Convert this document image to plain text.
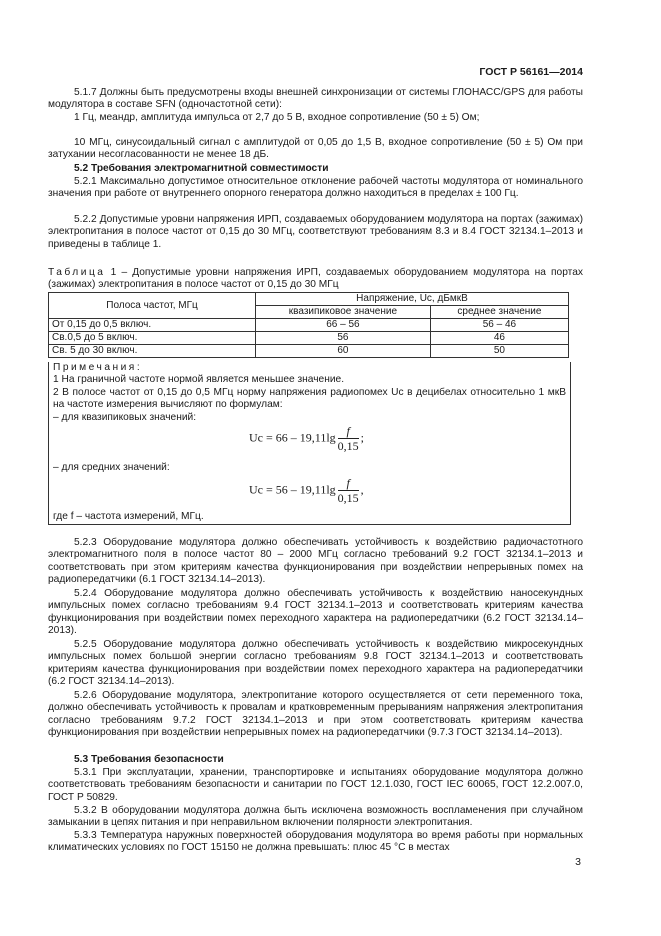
ГОСТ Р 56161—2014
5.1.7 Должны быть предусмотрены входы внешней синхронизации от системы ГЛОНАСС/GPS для работы модулятора в составе SFN (одночастотной сети):
1 Гц, меандр, амплитуда импульса от 2,7 до 5 В, входное сопротивление (50 ± 5) Ом;
10 МГц, синусоидальный сигнал с амплитудой от 0,05 до 1,5 В, входное сопротивление (50 ± 5) Ом при затухании несогласованности не менее 18 дБ.
5.2 Требования электромагнитной совместимости
5.2.1 Максимально допустимое относительное отклонение рабочей частоты модулятора от номинального значения при работе от внутреннего опорного генератора должно находиться в пределах ± 100 Гц.
5.2.2 Допустимые уровни напряжения ИРП, создаваемых оборудованием модулятора на портах (зажимах) электропитания в полосе частот от 0,15 до 30 МГц, соответствуют требованиям 8.3 и 8.4 ГОСТ 32134.1–2013 и приведены в таблице 1.
Таблица 1 – Допустимые уровни напряжения ИРП, создаваемых оборудованием модулятора на портах (зажимах) электропитания в полосе частот от 0,15 до 30 МГц
Полоса частот, МГц	Напряжение, Uc, дБмкВ	
	квазипиковое значение	среднее значение
От 0,15 до 0,5 включ.	66 – 56	56 – 46
Св.0,5 до 5 включ.	56	46
Св. 5 до 30 включ.	60	50
Примечания:
1 На граничной частоте нормой является меньшее значение.
2 В полосе частот от 0,15 до 0,5 МГц норму напряжения радиопомех Uc в децибелах относительно 1 мкВ на частоте измерения вычисляют по формулам:
– для квазипиковых значений:
$Uc = 66 - 19,11\lg \frac{f}{0,15}$ ;
– для средних значений:
$Uc = 56 - 19,11\lg \frac{f}{0,15}$ ,
где f – частота измерений, МГц.
5.2.3 Оборудование модулятора должно обеспечивать устойчивость к воздействию радиочастотного электромагнитного поля в полосе частот 80 – 2000 МГц согласно требований 9.2 ГОСТ 32134.1–2013 и соответствовать при этом критериям качества функционирования при воздействии непрерывных помех на радиопередатчики (6.1 ГОСТ 32134.14–2013).
5.2.4 Оборудование модулятора должно обеспечивать устойчивость к воздействию наносекундных импульсных помех согласно требованиям 9.4 ГОСТ 32134.1–2013 и соответствовать критериям качества функционирования при воздействии помех переходного характера на радиопередатчики (6.2 ГОСТ 32134.14–2013).
5.2.5 Оборудование модулятора должно обеспечивать устойчивость к воздействию микросекундных импульсных помех большой энергии согласно требованиям 9.8 ГОСТ 32134.1–2013 и соответствовать критериям качества функционирования при воздействии помех переходного характера на радиопередатчики (6.2 ГОСТ 32134.14–2013).
5.2.6 Оборудование модулятора, электропитание которого осуществляется от сети переменного тока, должно обеспечивать устойчивость к провалам и кратковременным прерываниям напряжения электропитания согласно требованиям 9.7.2 ГОСТ 32134.1–2013 и при этом соответствовать критериям качества функционирования при воздействии непрерывных помех на радиопередатчики (9.7.3 ГОСТ 32134.14–2013).
5.3 Требования безопасности
5.3.1 При эксплуатации, хранении, транспортировке и испытаниях оборудование модулятора должно соответствовать требованиям безопасности и санитарии по ГОСТ 12.1.030, ГОСТ IEC 60065, ГОСТ 12.2.007.0, ГОСТ Р 50829.
5.3.2 В оборудовании модулятора должна быть исключена возможность воспламенения при случайном замыкании в цепях питания и при неправильном включении полярности электропитания.
5.3.3 Температура наружных поверхностей оборудования модулятора во время работы при нормальных климатических условиях по ГОСТ 15150 не должна превышать: плюс 45 °С в местах
3
